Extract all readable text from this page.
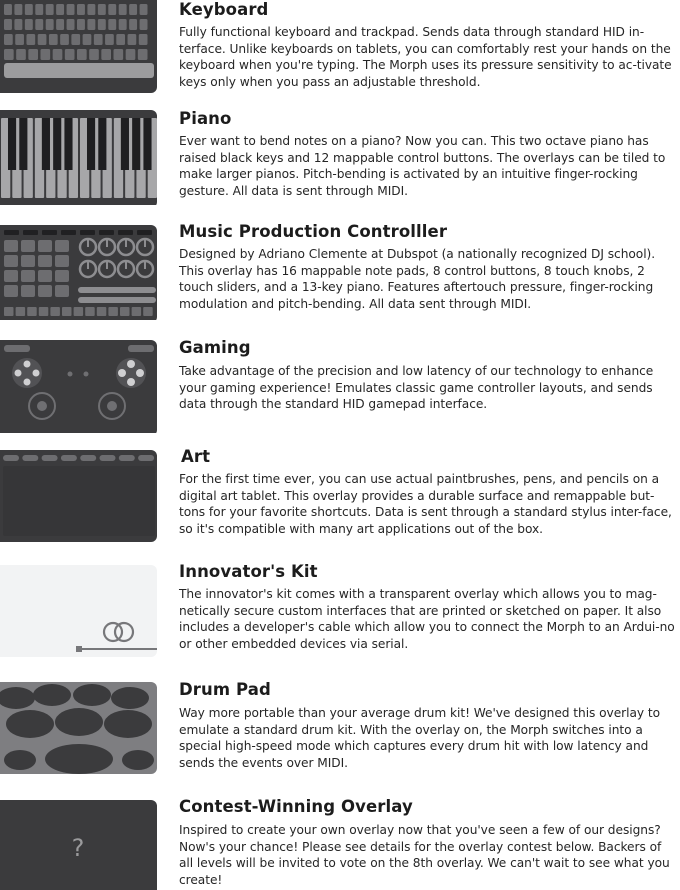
Keyboard

Fully functional keyboard and trackpad. Sends data through standard HID in-terface. Unlike keyboards on tablets, you can comfortably rest your hands on the keyboard when you're typing. The Morph uses its pressure sensitivity to ac-tivate keys only when you pass an adjustable threshold.

Piano

Ever want to bend notes on a piano? Now you can. This two octave piano has raised black keys and 12 mappable control buttons. The overlays can be tiled to make larger pianos. Pitch-bending is activated by an intuitive finger-rocking gesture. All data is sent through MIDI.

Music Production Controlller

Designed by Adriano Clemente at Dubspot (a nationally recognized DJ school). This overlay has 16 mappable note pads, 8 control buttons, 8 touch knobs, 2 touch sliders, and a 13-key piano. Features aftertouch pressure, finger-rocking modulation and pitch-bending. All data sent through MIDI.

Gaming

Take advantage of the precision and low latency of our technology to enhance your gaming experience! Emulates classic game controller layouts, and sends data through the standard HID gamepad interface.

Art

For the first time ever, you can use actual paintbrushes, pens, and pencils on a digital art tablet. This overlay provides a durable surface and remappable but-tons for your favorite shortcuts. Data is sent through a standard stylus inter-face, so it's compatible with many art applications out of the box.

Innovator's Kit

The innovator's kit comes with a transparent overlay which allows you to mag-netically secure custom interfaces that are printed or sketched on paper. It also includes a developer's cable which allow you to connect the Morph to an Ardui-no or other embedded devices via serial.

Drum Pad

Way more portable than your average drum kit! We've designed this overlay to emulate a standard drum kit. With the overlay on, the Morph switches into a special high-speed mode which captures every drum hit with low latency and sends the events over MIDI.

?
Contest-Winning Overlay

Inspired to create your own overlay now that you've seen a few of our designs? Now's your chance! Please see details for the overlay contest below. Backers of all levels will be invited to vote on the 8th overlay. We can't wait to see what you create!
